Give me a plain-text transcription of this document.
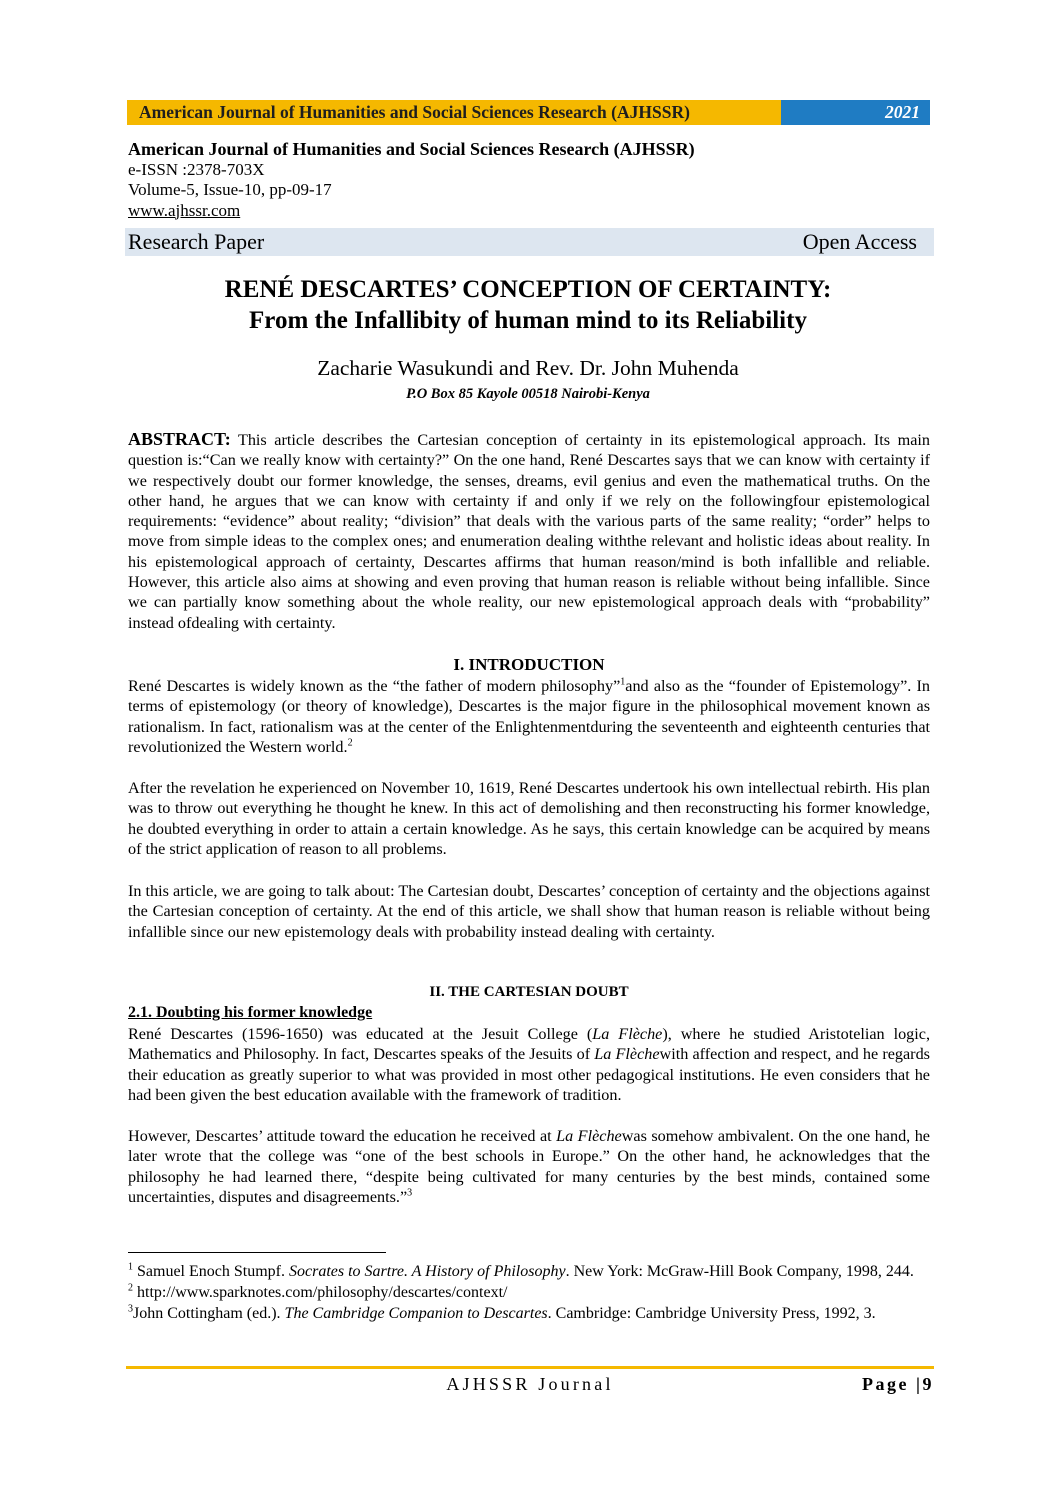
American Journal of Humanities and Social Sciences Research (AJHSSR)	2021
American Journal of Humanities and Social Sciences Research (AJHSSR)
e-ISSN :2378-703X
Volume-5, Issue-10, pp-09-17
www.ajhssr.com
Research Paper	Open Access
RENÉ DESCARTES’ CONCEPTION OF CERTAINTY:
From the Infallibity of human mind to its Reliability
Zacharie Wasukundi and Rev. Dr. John Muhenda
P.O Box 85 Kayole 00518 Nairobi-Kenya
ABSTRACT: This article describes the Cartesian conception of certainty in its epistemological approach. Its main question is:“Can we really know with certainty?” On the one hand, René Descartes says that we can know with certainty if we respectively doubt our former knowledge, the senses, dreams, evil genius and even the mathematical truths. On the other hand, he argues that we can know with certainty if and only if we rely on the followingfour epistemological requirements: “evidence” about reality; “division” that deals with the various parts of the same reality; “order” helps to move from simple ideas to the complex ones; and enumeration dealing withthe relevant and holistic ideas about reality. In his epistemological approach of certainty, Descartes affirms that human reason/mind is both infallible and reliable. However, this article also aims at showing and even proving that human reason is reliable without being infallible. Since we can partially know something about the whole reality, our new epistemological approach deals with “probability” instead ofdealing with certainty.
I. INTRODUCTION
René Descartes is widely known as the “the father of modern philosophy”$^1$and also as the “founder of Epistemology”. In terms of epistemology (or theory of knowledge), Descartes is the major figure in the philosophical movement known as rationalism. In fact, rationalism was at the center of the Enlightenmentduring the seventeenth and eighteenth centuries that revolutionized the Western world.$^2$
After the revelation he experienced on November 10, 1619, René Descartes undertook his own intellectual rebirth. His plan was to throw out everything he thought he knew. In this act of demolishing and then reconstructing his former knowledge, he doubted everything in order to attain a certain knowledge. As he says, this certain knowledge can be acquired by means of the strict application of reason to all problems.
In this article, we are going to talk about: The Cartesian doubt, Descartes’ conception of certainty and the objections against the Cartesian conception of certainty. At the end of this article, we shall show that human reason is reliable without being infallible since our new epistemology deals with probability instead dealing with certainty.
II. THE CARTESIAN DOUBT
2.1. Doubting his former knowledge
René Descartes (1596-1650) was educated at the Jesuit College (La Flèche), where he studied Aristotelian logic, Mathematics and Philosophy. In fact, Descartes speaks of the Jesuits of La Flèchewith affection and respect, and he regards their education as greatly superior to what was provided in most other pedagogical institutions. He even considers that he had been given the best education available with the framework of tradition.
However, Descartes’ attitude toward the education he received at La Flèchewas somehow ambivalent. On the one hand, he later wrote that the college was “one of the best schools in Europe.” On the other hand, he acknowledges that the philosophy he had learned there, “despite being cultivated for many centuries by the best minds, contained some uncertainties, disputes and disagreements.”$^3$

$^1$ Samuel Enoch Stumpf. Socrates to Sartre. A History of Philosophy. New York: McGraw-Hill Book Company, 1998, 244.

$^2$ http://www.sparknotes.com/philosophy/descartes/context/

$^3$John Cottingham (ed.). The Cambridge Companion to Descartes. Cambridge: Cambridge University Press, 1992, 3.

AJHSSR Journal	Page |9
